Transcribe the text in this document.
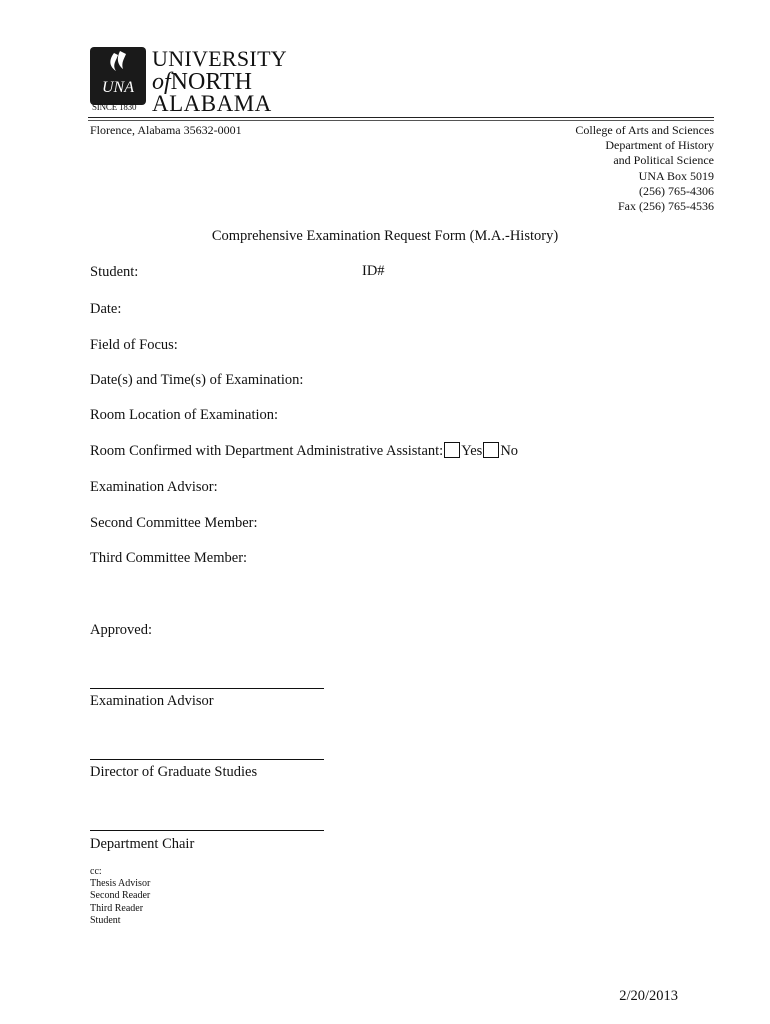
UNA
SINCE 1830
UNIVERSITY
ofNORTH
ALABAMA
Florence, Alabama 35632-0001	College of Arts and Sciences
Department of History
and Political Science
UNA Box 5019
(256) 765-4306
Fax (256) 765-4536
Comprehensive Examination Request Form (M.A.-History)
Student:	ID#
Date:
Field of Focus:
Date(s) and Time(s) of Examination:
Room Location of Examination:
Room Confirmed with Department Administrative Assistant: Yes No
Examination Advisor:
Second Committee Member:
Third Committee Member:
Approved:
Examination Advisor
Director of Graduate Studies
Department Chair
cc:
Thesis Advisor
Second Reader
Third Reader
Student
2/20/2013
